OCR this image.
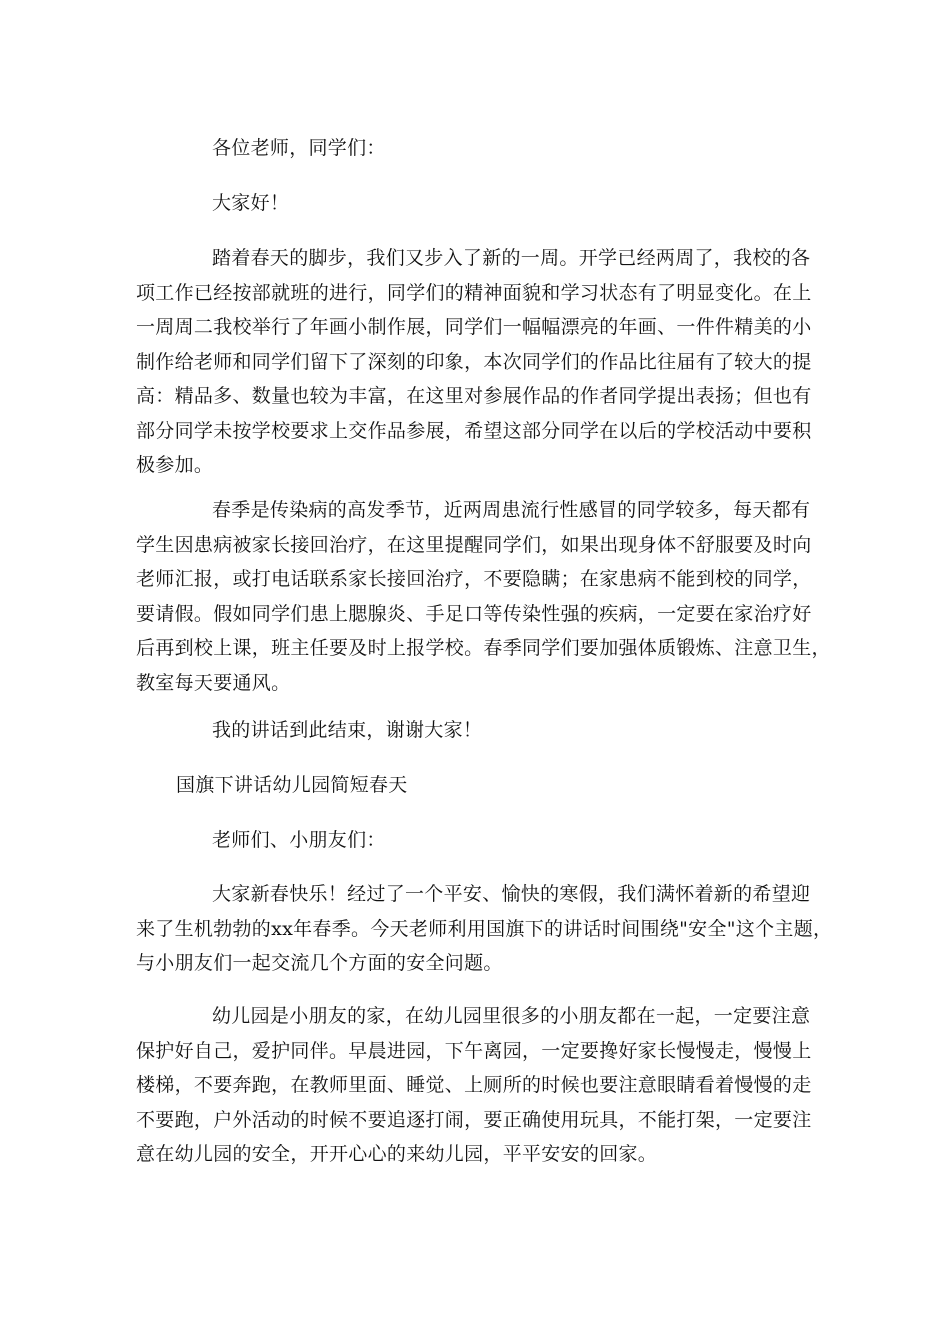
各位老师，同学们：
大家好！
踏着春天的脚步，我们又步入了新的一周。开学已经两周了，我校的各
项工作已经按部就班的进行，同学们的精神面貌和学习状态有了明显变化。在上
一周周二我校举行了年画小制作展，同学们一幅幅漂亮的年画、一件件精美的小
制作给老师和同学们留下了深刻的印象，本次同学们的作品比往届有了较大的提
高：精品多、数量也较为丰富，在这里对参展作品的作者同学提出表扬；但也有
部分同学未按学校要求上交作品参展，希望这部分同学在以后的学校活动中要积
极参加。
春季是传染病的高发季节，近两周患流行性感冒的同学较多，每天都有
学生因患病被家长接回治疗，在这里提醒同学们，如果出现身体不舒服要及时向
老师汇报，或打电话联系家长接回治疗，不要隐瞒；在家患病不能到校的同学，
要请假。假如同学们患上腮腺炎、手足口等传染性强的疾病，一定要在家治疗好
后再到校上课，班主任要及时上报学校。春季同学们要加强体质锻炼、注意卫生，
教室每天要通风。
我的讲话到此结束，谢谢大家！
国旗下讲话幼儿园简短春天
老师们、小朋友们：
大家新春快乐！经过了一个平安、愉快的寒假，我们满怀着新的希望迎
来了生机勃勃的xx年春季。今天老师利用国旗下的讲话时间围绕"安全"这个主题，
与小朋友们一起交流几个方面的安全问题。
幼儿园是小朋友的家，在幼儿园里很多的小朋友都在一起，一定要注意
保护好自己，爱护同伴。早晨进园，下午离园，一定要搀好家长慢慢走，慢慢上
楼梯，不要奔跑，在教师里面、睡觉、上厕所的时候也要注意眼睛看着慢慢的走
不要跑，户外活动的时候不要追逐打闹，要正确使用玩具，不能打架，一定要注
意在幼儿园的安全，开开心心的来幼儿园，平平安安的回家。
